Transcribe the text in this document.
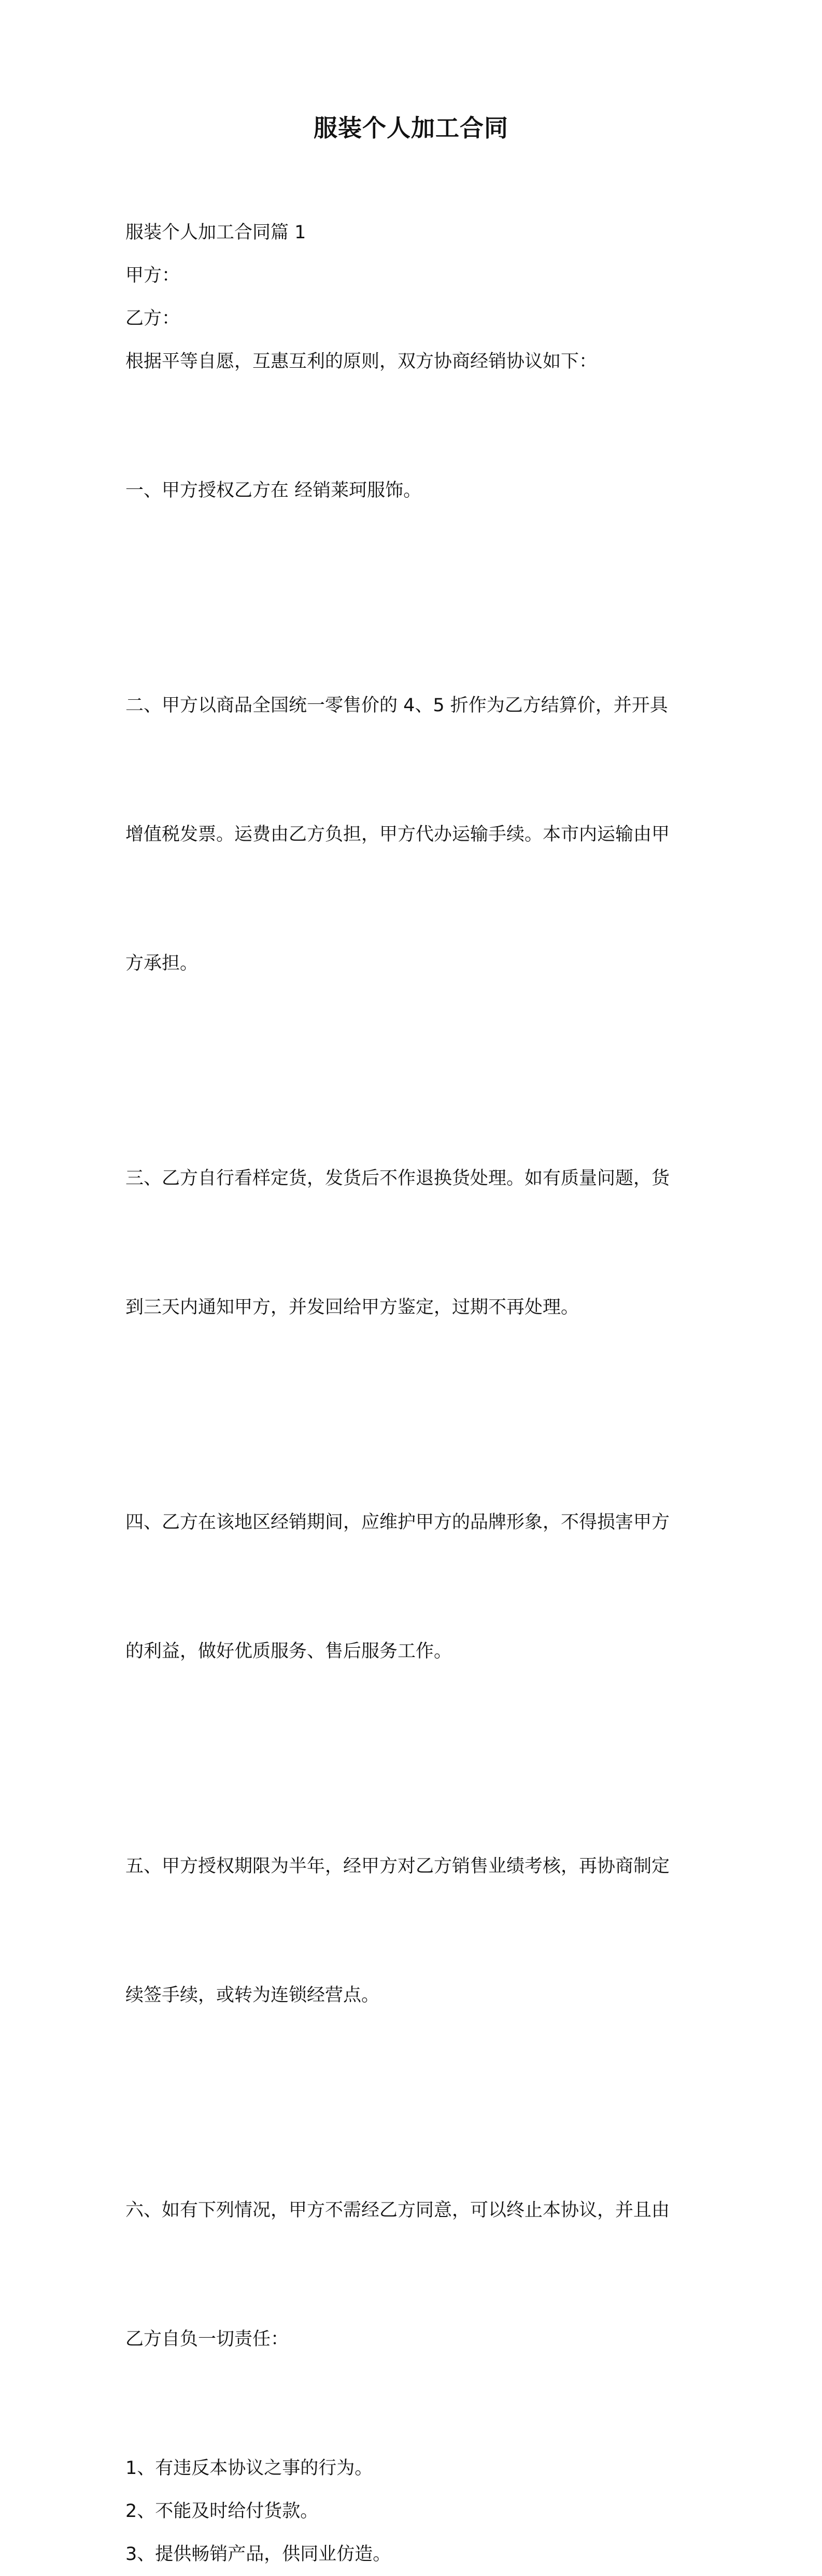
服装个人加工合同

服装个人加工合同篇 1

甲方：

乙方：

根据平等自愿，互惠互利的原则，双方协商经销协议如下：

一、甲方授权乙方在 经销莱珂服饰。

二、甲方以商品全国统一零售价的 4、5 折作为乙方结算价，并开具

增值税发票。运费由乙方负担，甲方代办运输手续。本市内运输由甲

方承担。

三、乙方自行看样定货，发货后不作退换货处理。如有质量问题，货

到三天内通知甲方，并发回给甲方鉴定，过期不再处理。

四、乙方在该地区经销期间，应维护甲方的品牌形象，不得损害甲方

的利益，做好优质服务、售后服务工作。

五、甲方授权期限为半年，经甲方对乙方销售业绩考核，再协商制定

续签手续，或转为连锁经营点。

六、如有下列情况，甲方不需经乙方同意，可以终止本协议，并且由

乙方自负一切责任：

1、有违反本协议之事的行为。

2、不能及时给付货款。

3、提供畅销产品，供同业仿造。
